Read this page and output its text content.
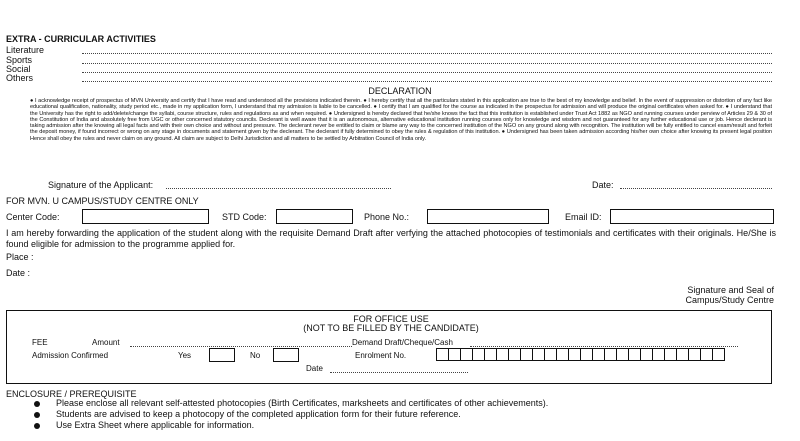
EXTRA - CURRICULAR ACTIVITIES
Literature
Sports
Social
Others
DECLARATION
● I acknowledge receipt of prospectus of MVN University and certify that I have read and understood all the provisions indicated therein. ● I hereby certify that all the particulars stated in this application are true to the best of my knowledge and belief. In the event of suppression or distortion of any fact like educational qualification, nationality, study period etc., made in my application form, I understand that my admission is liable to be cancelled. ● I certify that I am qualified for the course as indicated in the prospectus for admission and will produce the original certificates when asked for. ● I understand that the University has the right to add/delete/change the syllabi, course structure, rules and regulations as and when required. ● Undersigned is hereby declared that he/she knows the fact that this institution is established under Trust Act 1882 as NGO and running courses under perview of Articles 29 & 30 of the Constitution of India and absolutely free from UGC or other concerned statutory councils. Declerant is well aware that it is an autonomous, alternative educational institution running courses only for knowledge and wisdom and not guaranteed for any further educational use or job. Hence declerant is taking admission after the knowing all legal facts and with their own choice and without and pressure. The declerant never be entitled to claim or blame any way to the concerned institution of the NGO on any ground along with recognition. The institution will be fully entitled to cancel exam/result and forfeit the deposit money, if found incorrect or wrong on any stage in documents and statement given by the declerant. The declerant if fully determined to obey the rules & regulation of this institution. ● Undersigned has been taken admission according his/her own choice after knowing its present legal position Hence shall obey the rules and never claim on any ground. All claim are subject to Delhi Jurisdiction and all matters to be settled by Arbitration Council of India only.
Signature of the Applicant:	Date:
FOR MVN. U CAMPUS/STUDY CENTRE ONLY
Center Code:	STD Code:	Phone No.:	Email ID:
I am hereby forwarding the application of the student along with the requisite Demand Draft after verfying the attached photocopies of testimonials and certificates with their originals. He/She is found eligible for admission to the programme applied for.
Place :
Date :
Signature and Seal of
Campus/Study Centre
FOR OFFICE USE
(NOT TO BE FILLED BY THE CANDIDATE)
FEE	Amount	Demand Draft/Cheque/Cash
Admission Confirmed	Yes	No	Enrolment No.
Date
ENCLOSURE / PREREQUISITE
Please enclose all relevant self-attested photocopies (Birth Certificates, marksheets and certificates of other achievements).
Students are advised to keep a photocopy of the completed application form for their future reference.
Use Extra Sheet where applicable for information.
